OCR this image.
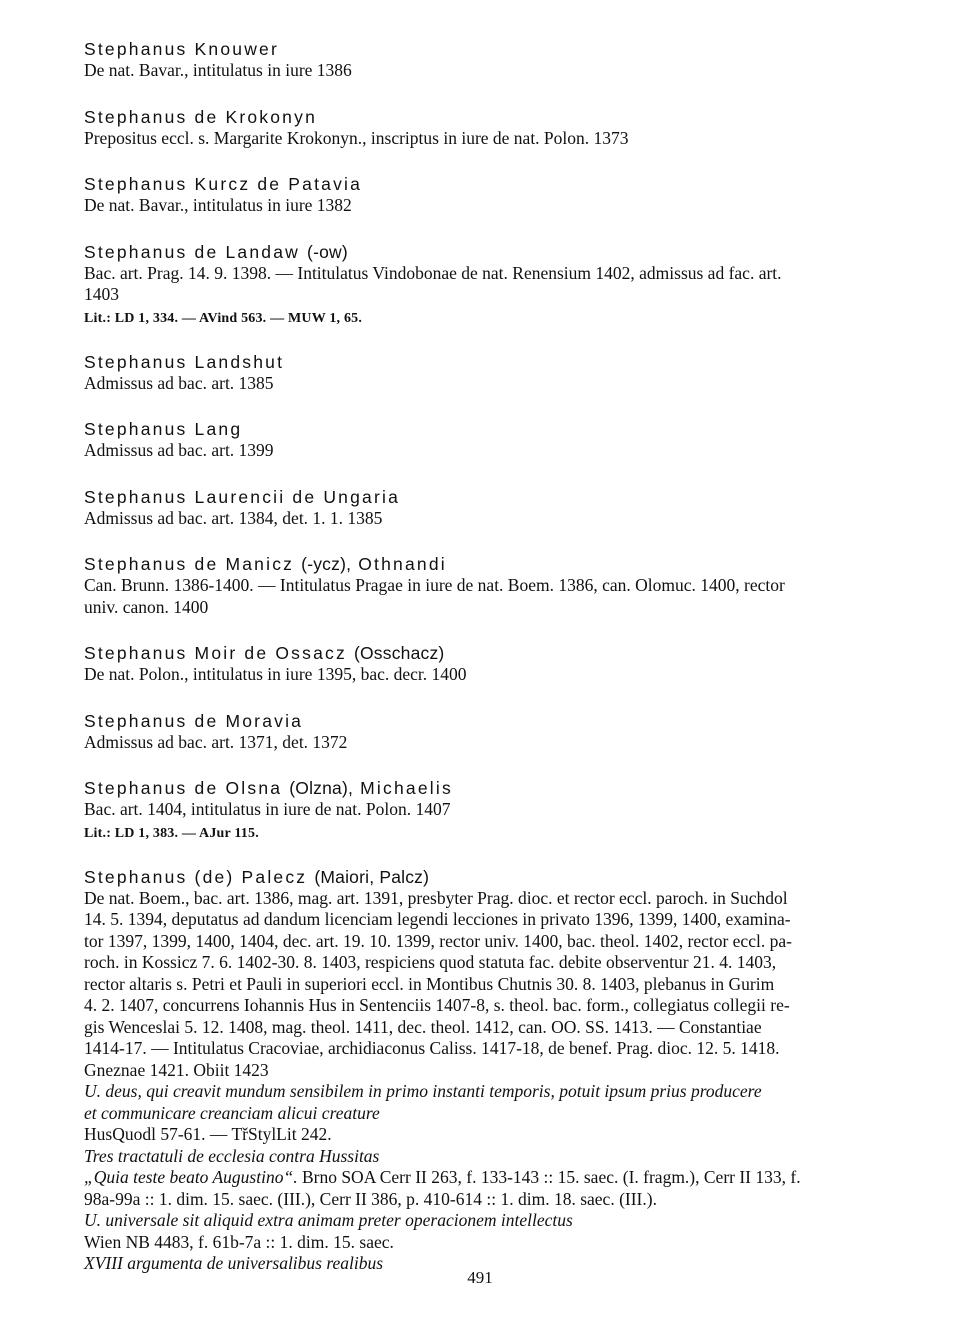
Stephanus Knouwer
De nat. Bavar., intitulatus in iure 1386
Stephanus de Krokonyn
Prepositus eccl. s. Margarite Krokonyn., inscriptus in iure de nat. Polon. 1373
Stephanus Kurcz de Patavia
De nat. Bavar., intitulatus in iure 1382
Stephanus de Landaw (-ow)
Bac. art. Prag. 14. 9. 1398. — Intitulatus Vindobonae de nat. Renensium 1402, admissus ad fac. art.
1403
Lit.: LD 1, 334. — AVind 563. — MUW 1, 65.
Stephanus Landshut
Admissus ad bac. art. 1385
Stephanus Lang
Admissus ad bac. art. 1399
Stephanus Laurencii de Ungaria
Admissus ad bac. art. 1384, det. 1. 1. 1385
Stephanus de Manicz (-ycz), Othnandi
Can. Brunn. 1386-1400. — Intitulatus Pragae in iure de nat. Boem. 1386, can. Olomuc. 1400, rector
univ. canon. 1400
Stephanus Moir de Ossacz (Osschacz)
De nat. Polon., intitulatus in iure 1395, bac. decr. 1400
Stephanus de Moravia
Admissus ad bac. art. 1371, det. 1372
Stephanus de Olsna (Olzna), Michaelis
Bac. art. 1404, intitulatus in iure de nat. Polon. 1407
Lit.: LD 1, 383. — AJur 115.
Stephanus (de) Palecz (Maiori, Palcz)
De nat. Boem., bac. art. 1386, mag. art. 1391, presbyter Prag. dioc. et rector eccl. paroch. in Suchdol
14. 5. 1394, deputatus ad dandum licenciam legendi lecciones in privato 1396, 1399, 1400, examina-
tor 1397, 1399, 1400, 1404, dec. art. 19. 10. 1399, rector univ. 1400, bac. theol. 1402, rector eccl. pa-
roch. in Kossicz 7. 6. 1402-30. 8. 1403, respiciens quod statuta fac. debite observentur 21. 4. 1403,
rector altaris s. Petri et Pauli in superiori eccl. in Montibus Chutnis 30. 8. 1403, plebanus in Gurim
4. 2. 1407, concurrens Iohannis Hus in Sentenciis 1407-8, s. theol. bac. form., collegiatus collegii re-
gis Wenceslai 5. 12. 1408, mag. theol. 1411, dec. theol. 1412, can. OO. SS. 1413. — Constantiae
1414-17. — Intitulatus Cracoviae, archidiaconus Caliss. 1417-18, de benef. Prag. dioc. 12. 5. 1418.
Gneznae 1421. Obiit 1423
U. deus, qui creavit mundum sensibilem in primo instanti temporis, potuit ipsum prius producere
et communicare creanciam alicui creature
HusQuodl 57-61. — TřStylLit 242.
Tres tractatuli de ecclesia contra Hussitas
„Quia teste beato Augustino“. Brno SOA Cerr II 263, f. 133-143 :: 15. saec. (I. fragm.), Cerr II 133, f.
98a-99a :: 1. dim. 15. saec. (III.), Cerr II 386, p. 410-614 :: 1. dim. 18. saec. (III.).
U. universale sit aliquid extra animam preter operacionem intellectus
Wien NB 4483, f. 61b-7a :: 1. dim. 15. saec.
XVIII argumenta de universalibus realibus
491
